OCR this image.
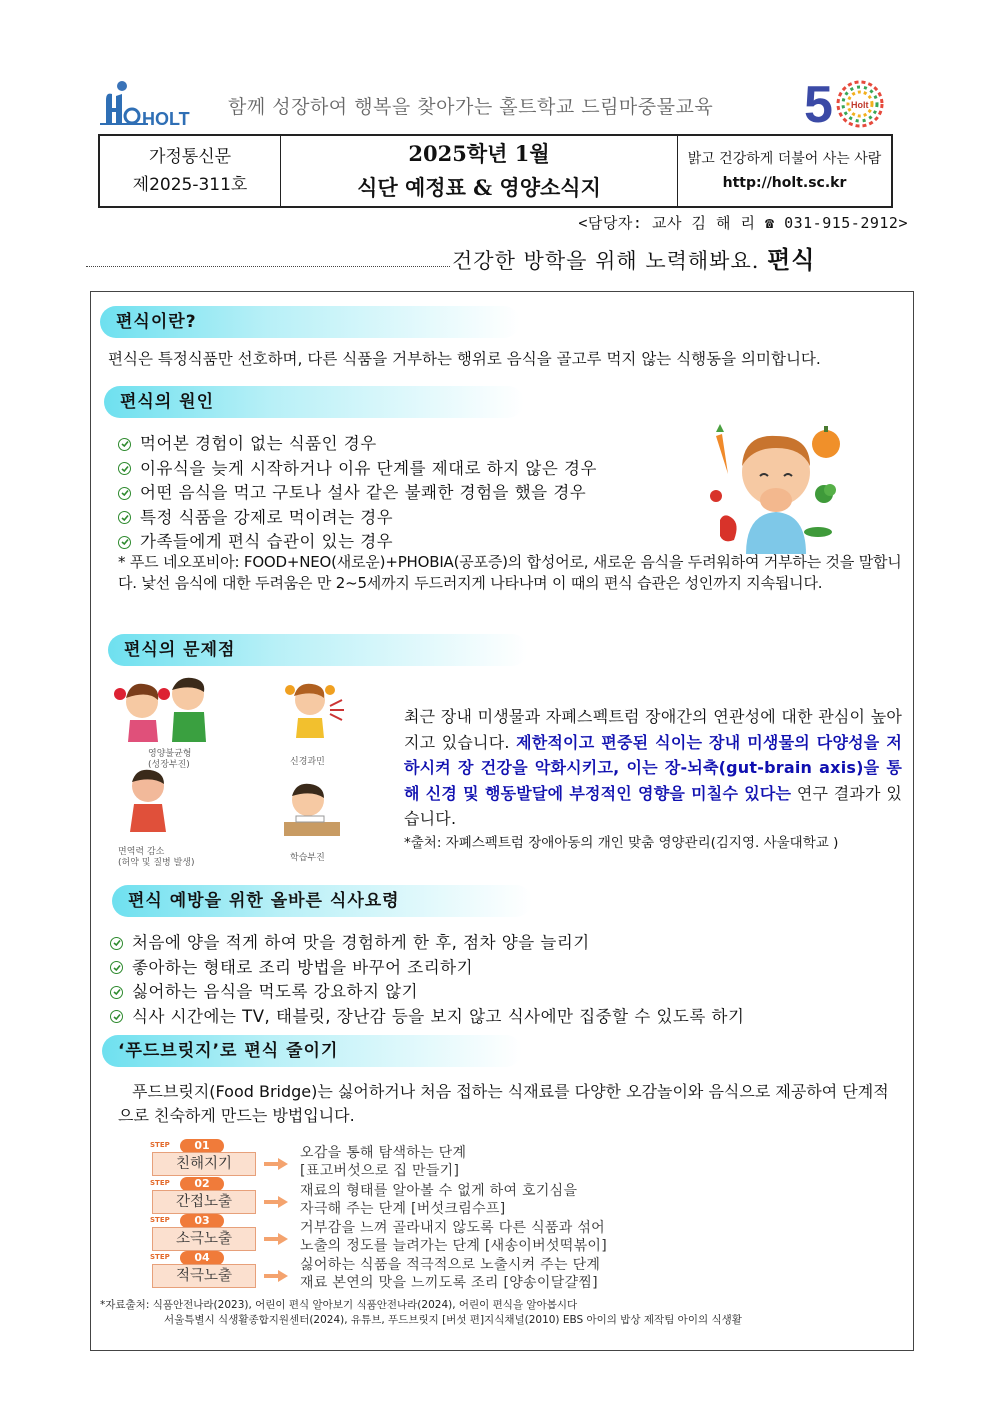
HOLT
함께 성장하여 행복을 찾아가는 홀트학교 드림마중물교육 5 Holt
가정통신문
제2025-311호
2025학년 1월
식단 예정표 & 영양소식지
밝고 건강하게 더불어 사는 사람
http://holt.sc.kr
<담당자: 교사 김 해 리 ☎ 031-915-2912>
건강한 방학을 위해 노력해봐요. 편식
편식이란?
편식은 특정식품만 선호하며, 다른 식품을 거부하는 행위로 음식을 골고루 먹지 않는 식행동을 의미합니다.
편식의 원인
먹어본 경험이 없는 식품인 경우
이유식을 늦게 시작하거나 이유 단계를 제대로 하지 않은 경우
어떤 음식을 먹고 구토나 설사 같은 불쾌한 경험을 했을 경우
특정 식품을 강제로 먹이려는 경우
가족들에게 편식 습관이 있는 경우
* 푸드 네오포비아: FOOD+NEO(새로운)+PHOBIA(공포증)의 합성어로, 새로운 음식을 두려워하여 거부하는 것을 말합니다. 낯선 음식에 대한 두려움은 만 2~5세까지 두드러지게 나타나며 이 때의 편식 습관은 성인까지 지속됩니다.
편식의 문제점
영양불균형 (성장부진)	신경과민
면역력 감소 (허약 및 질병 발생)	학습부진
최근 장내 미생물과 자폐스펙트럼 장애간의 연관성에 대한 관심이 높아지고 있습니다. 제한적이고 편중된 식이는 장내 미생물의 다양성을 저하시켜 장 건강을 악화시키고, 이는 장-뇌축(gut-brain axis)을 통해 신경 및 행동발달에 부정적인 영향을 미칠수 있다는 연구 결과가 있습니다.
*출처: 자폐스펙트럼 장애아동의 개인 맞춤 영양관리(김지영. 사울대학교 )
편식 예방을 위한 올바른 식사요령
처음에 양을 적게 하여 맛을 경험하게 한 후, 점차 양을 늘리기
좋아하는 형태로 조리 방법을 바꾸어 조리하기
싫어하는 음식을 먹도록 강요하지 않기
식사 시간에는 TV, 태블릿, 장난감 등을 보지 않고 식사에만 집중할 수 있도록 하기
‘푸드브릿지’로 편식 줄이기
푸드브릿지(Food Bridge)는 싫어하거나 처음 접하는 식재료를 다양한 오감놀이와 음식으로 제공하여 단계적으로 친숙하게 만드는 방법입니다.
STEP	01
친해지기
오감을 통해 탐색하는 단계
[표고버섯으로 집 만들기]
STEP	02
간접노출
재료의 형태를 알아볼 수 없게 하여 호기심을
자극해 주는 단계 [버섯크림수프]
STEP	03
소극노출
거부감을 느껴 골라내지 않도록 다른 식품과 섞어
노출의 정도를 늘려가는 단계 [새송이버섯떡볶이]
STEP	04
적극노출
싫어하는 식품을 적극적으로 노출시켜 주는 단계
재료 본연의 맛을 느끼도록 조리 [양송이달걀찜]
*자료출처: 식품안전나라(2023), 어린이 편식 알아보기 식품안전나라(2024), 어린이 편식을 알아봅시다
서울특별시 식생활종합지원센터(2024), 유튜브, 푸드브릿지 [버섯 편]지식채널(2010) EBS 아이의 밥상 제작팀 아이의 식생활
